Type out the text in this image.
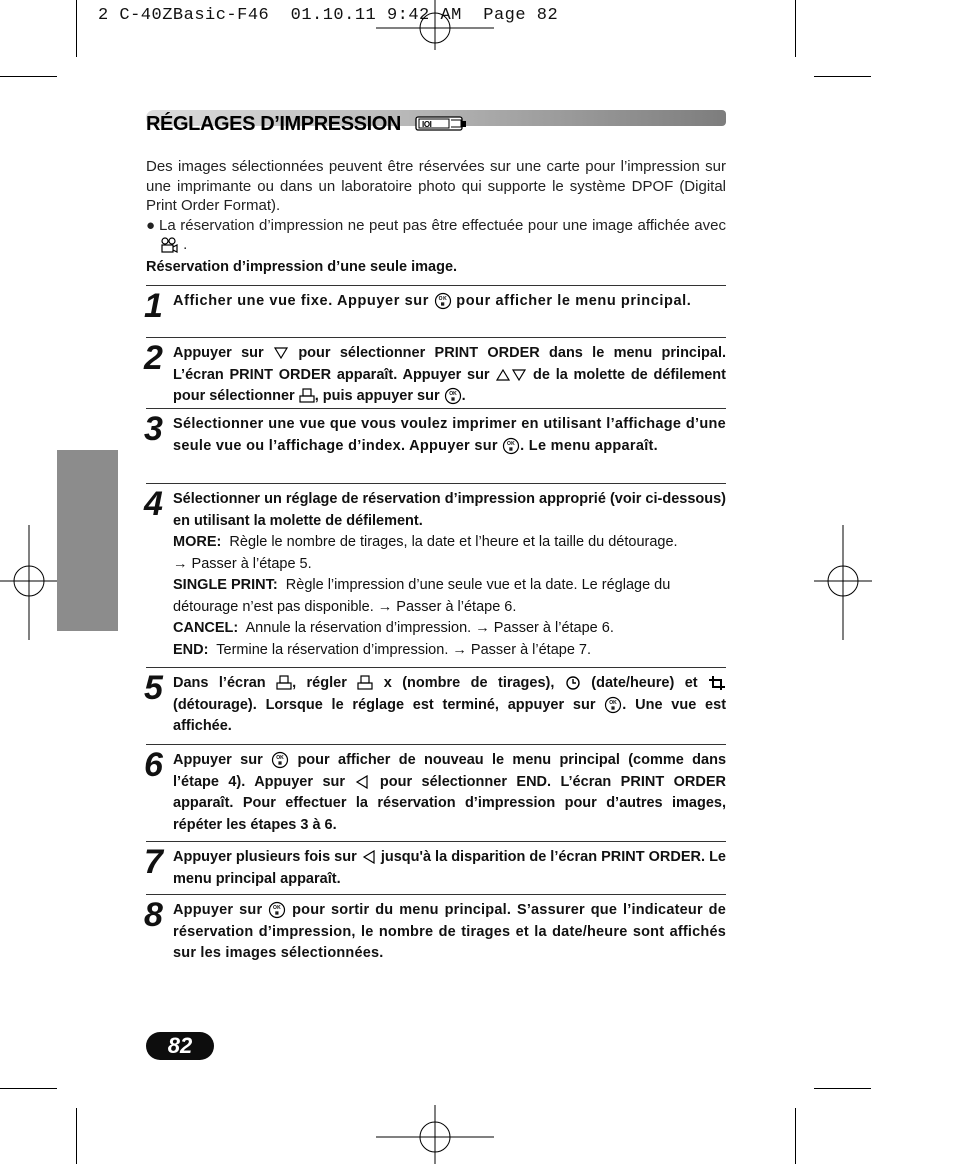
2 C-40ZBasic-F46  01.10.11 9:42 AM  Page 82
RÉGLAGES D’IMPRESSION	IOI

Des images sélectionnées peuvent être réservées sur une carte pour l’impression sur une imprimante ou dans un laboratoire photo qui supporte le système DPOF (Digital Print Order Format).

● La réservation d’impression ne peut pas être effectuée pour une image affichée avec  .
Réservation d’impression d’une seule image.
1 Afficher une vue fixe. Appuyer sur OK
▦ pour afficher le menu principal.
2 Appuyer sur pour sélectionner PRINT ORDER dans le menu principal. L’écran PRINT ORDER apparaît. Appuyer sur	de la molette de défilement pour sélectionner , puis appuyer sur OK
▦ .
3 Sélectionner une vue que vous voulez imprimer en utilisant l’affichage d’une seule vue ou l’affichage d’index. Appuyer sur OK
▦ . Le menu apparaît.
4 Sélectionner un réglage de réservation d’impression approprié (voir ci-dessous) en utilisant la molette de défilement.
MORE: Règle le nombre de tirages, la date et l’heure et la taille du détourage.
→ Passer à l’étape 5.
SINGLE PRINT: Règle l’impression d’une seule vue et la date. Le réglage du détourage n’est pas disponible. → Passer à l’étape 6.
CANCEL: Annule la réservation d’impression. → Passer à l’étape 6.
END: Termine la réservation d’impression. → Passer à l’étape 7.
5 Dans l’écran , régler	x (nombre de tirages),	(date/heure) et  (détourage). Lorsque le réglage est terminé, appuyer sur	OK
▦ . Une vue est affichée.
6 Appuyer sur	OK
▦ pour afficher de nouveau le menu principal (comme dans l’étape 4). Appuyer sur pour sélectionner END. L’écran PRINT ORDER apparaît. Pour effectuer la réservation d’impression pour d’autres images, répéter les étapes 3 à 6.
7 Appuyer plusieurs fois sur jusqu'à la disparition de l’écran PRINT ORDER. Le menu principal apparaît.
8 Appuyer sur OK
▦ pour sortir du menu principal. S’assurer que l’indicateur de réservation d’impression, le nombre de tirages et la date/heure sont affichés sur les images sélectionnées.
82
